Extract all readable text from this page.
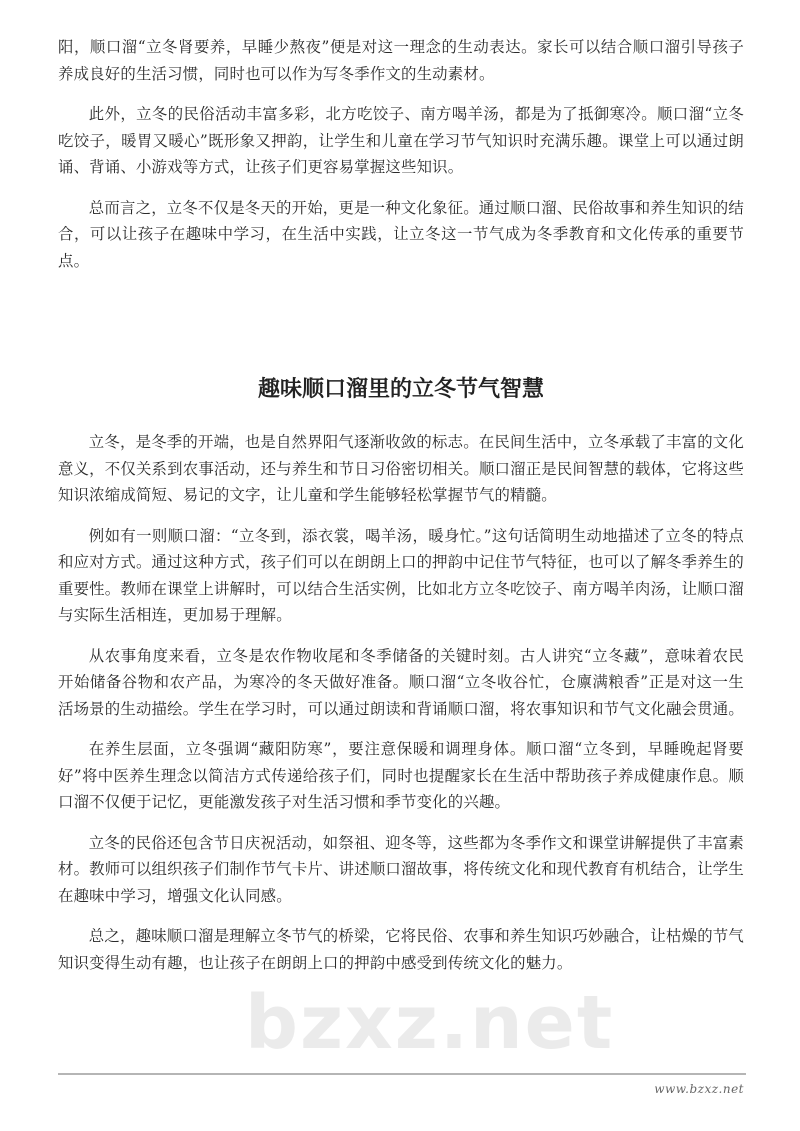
阳，顺口溜“立冬肾要养，早睡少熬夜”便是对这一理念的生动表达。家长可以结合顺口溜引导孩子养成良好的生活习惯，同时也可以作为写冬季作文的生动素材。

此外，立冬的民俗活动丰富多彩，北方吃饺子、南方喝羊汤，都是为了抵御寒冷。顺口溜“立冬吃饺子，暖胃又暖心”既形象又押韵，让学生和儿童在学习节气知识时充满乐趣。课堂上可以通过朗诵、背诵、小游戏等方式，让孩子们更容易掌握这些知识。

总而言之，立冬不仅是冬天的开始，更是一种文化象征。通过顺口溜、民俗故事和养生知识的结合，可以让孩子在趣味中学习，在生活中实践，让立冬这一节气成为冬季教育和文化传承的重要节点。

趣味顺口溜里的立冬节气智慧

立冬，是冬季的开端，也是自然界阳气逐渐收敛的标志。在民间生活中，立冬承载了丰富的文化意义，不仅关系到农事活动，还与养生和节日习俗密切相关。顺口溜正是民间智慧的载体，它将这些知识浓缩成简短、易记的文字，让儿童和学生能够轻松掌握节气的精髓。

例如有一则顺口溜：“立冬到，添衣裳，喝羊汤，暖身忙。”这句话简明生动地描述了立冬的特点和应对方式。通过这种方式，孩子们可以在朗朗上口的押韵中记住节气特征，也可以了解冬季养生的重要性。教师在课堂上讲解时，可以结合生活实例，比如北方立冬吃饺子、南方喝羊肉汤，让顺口溜与实际生活相连，更加易于理解。

从农事角度来看，立冬是农作物收尾和冬季储备的关键时刻。古人讲究“立冬藏”，意味着农民开始储备谷物和农产品，为寒冷的冬天做好准备。顺口溜“立冬收谷忙，仓廪满粮香”正是对这一生活场景的生动描绘。学生在学习时，可以通过朗读和背诵顺口溜，将农事知识和节气文化融会贯通。

在养生层面，立冬强调“藏阳防寒”，要注意保暖和调理身体。顺口溜“立冬到，早睡晚起肾要好”将中医养生理念以简洁方式传递给孩子们，同时也提醒家长在生活中帮助孩子养成健康作息。顺口溜不仅便于记忆，更能激发孩子对生活习惯和季节变化的兴趣。

立冬的民俗还包含节日庆祝活动，如祭祖、迎冬等，这些都为冬季作文和课堂讲解提供了丰富素材。教师可以组织孩子们制作节气卡片、讲述顺口溜故事，将传统文化和现代教育有机结合，让学生在趣味中学习，增强文化认同感。

总之，趣味顺口溜是理解立冬节气的桥梁，它将民俗、农事和养生知识巧妙融合，让枯燥的节气知识变得生动有趣，也让孩子在朗朗上口的押韵中感受到传统文化的魅力。

bzxz.net
www.bzxz.net
